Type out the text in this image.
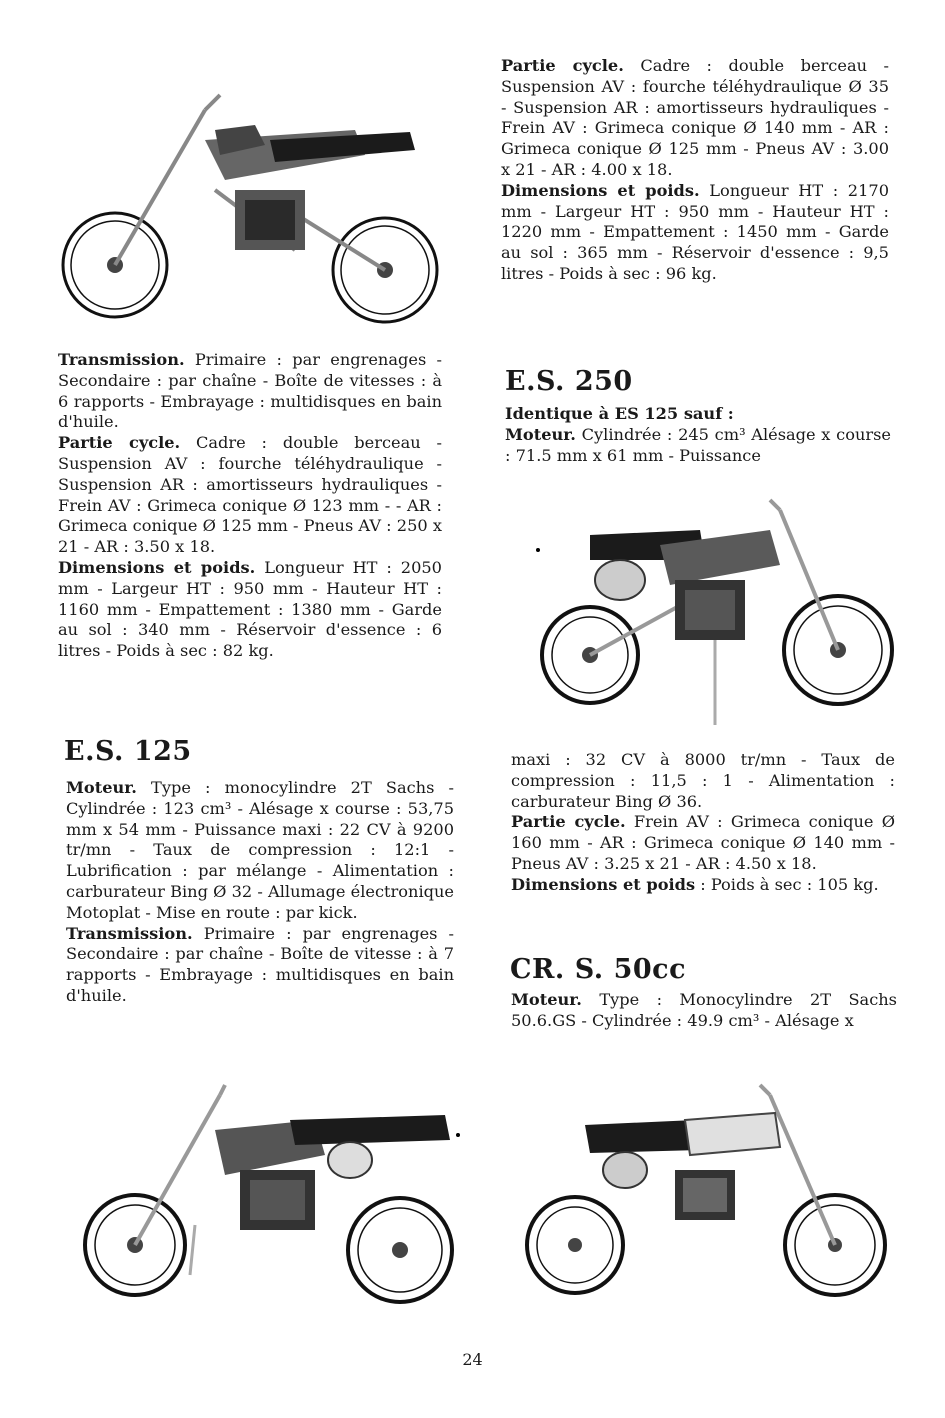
Transmission. Primaire : par engrenages - Secondaire : par chaîne - Boîte de vitesses : à 6 rapports - Embrayage : multidisques en bain d'huile.

Partie cycle. Cadre : double berceau - Suspension AV : fourche téléhydraulique - Suspension AR : amortisseurs hydrauliques - Frein AV : Grimeca conique Ø 123 mm - - AR : Grimeca conique Ø 125 mm - Pneus AV : 250 x 21 - AR : 3.50 x 18.

Dimensions et poids. Longueur HT : 2050 mm - Largeur HT : 950 mm - Hauteur HT : 1160 mm - Empattement : 1380 mm - Garde au sol : 340 mm - Réservoir d'essence : 6 litres - Poids à sec : 82 kg.

E.S. 125

Moteur. Type : monocylindre 2T Sachs - Cylindrée : 123 cm³ - Alésage x course : 53,75 mm x 54 mm - Puissance maxi : 22 CV à 9200 tr/mn - Taux de compression : 12:1 - Lubrification : par mélange - Alimentation : carburateur Bing Ø 32 - Allumage électronique Motoplat - Mise en route : par kick.

Transmission. Primaire : par engrenages - Secondaire : par chaîne - Boîte de vitesse : à 7 rapports - Embrayage : multidisques en bain d'huile.

Partie cycle. Cadre : double berceau - Suspension AV : fourche téléhydraulique Ø 35 - Suspension AR : amortisseurs hydrauliques - Frein AV : Grimeca conique Ø 140 mm - AR : Grimeca conique Ø 125 mm - Pneus AV : 3.00 x 21 - AR : 4.00 x 18.

Dimensions et poids. Longueur HT : 2170 mm - Largeur HT : 950 mm - Hauteur HT : 1220 mm - Empattement : 1450 mm - Garde au sol : 365 mm - Réservoir d'essence : 9,5 litres - Poids à sec : 96 kg.

E.S. 250

Identique à ES 125 sauf :

Moteur. Cylindrée : 245 cm³ Alésage x course : 71.5 mm x 61 mm - Puissance

maxi : 32 CV à 8000 tr/mn - Taux de compression : 11,5 : 1 - Alimentation : carburateur Bing Ø 36.

Partie cycle. Frein AV : Grimeca conique Ø 160 mm - AR : Grimeca conique Ø 140 mm - Pneus AV : 3.25 x 21 - AR : 4.50 x 18.

Dimensions et poids : Poids à sec : 105 kg.

CR. S. 50cc

Moteur. Type : Monocylindre 2T Sachs 50.6.GS - Cylindrée : 49.9 cm³ - Alésage x

24
